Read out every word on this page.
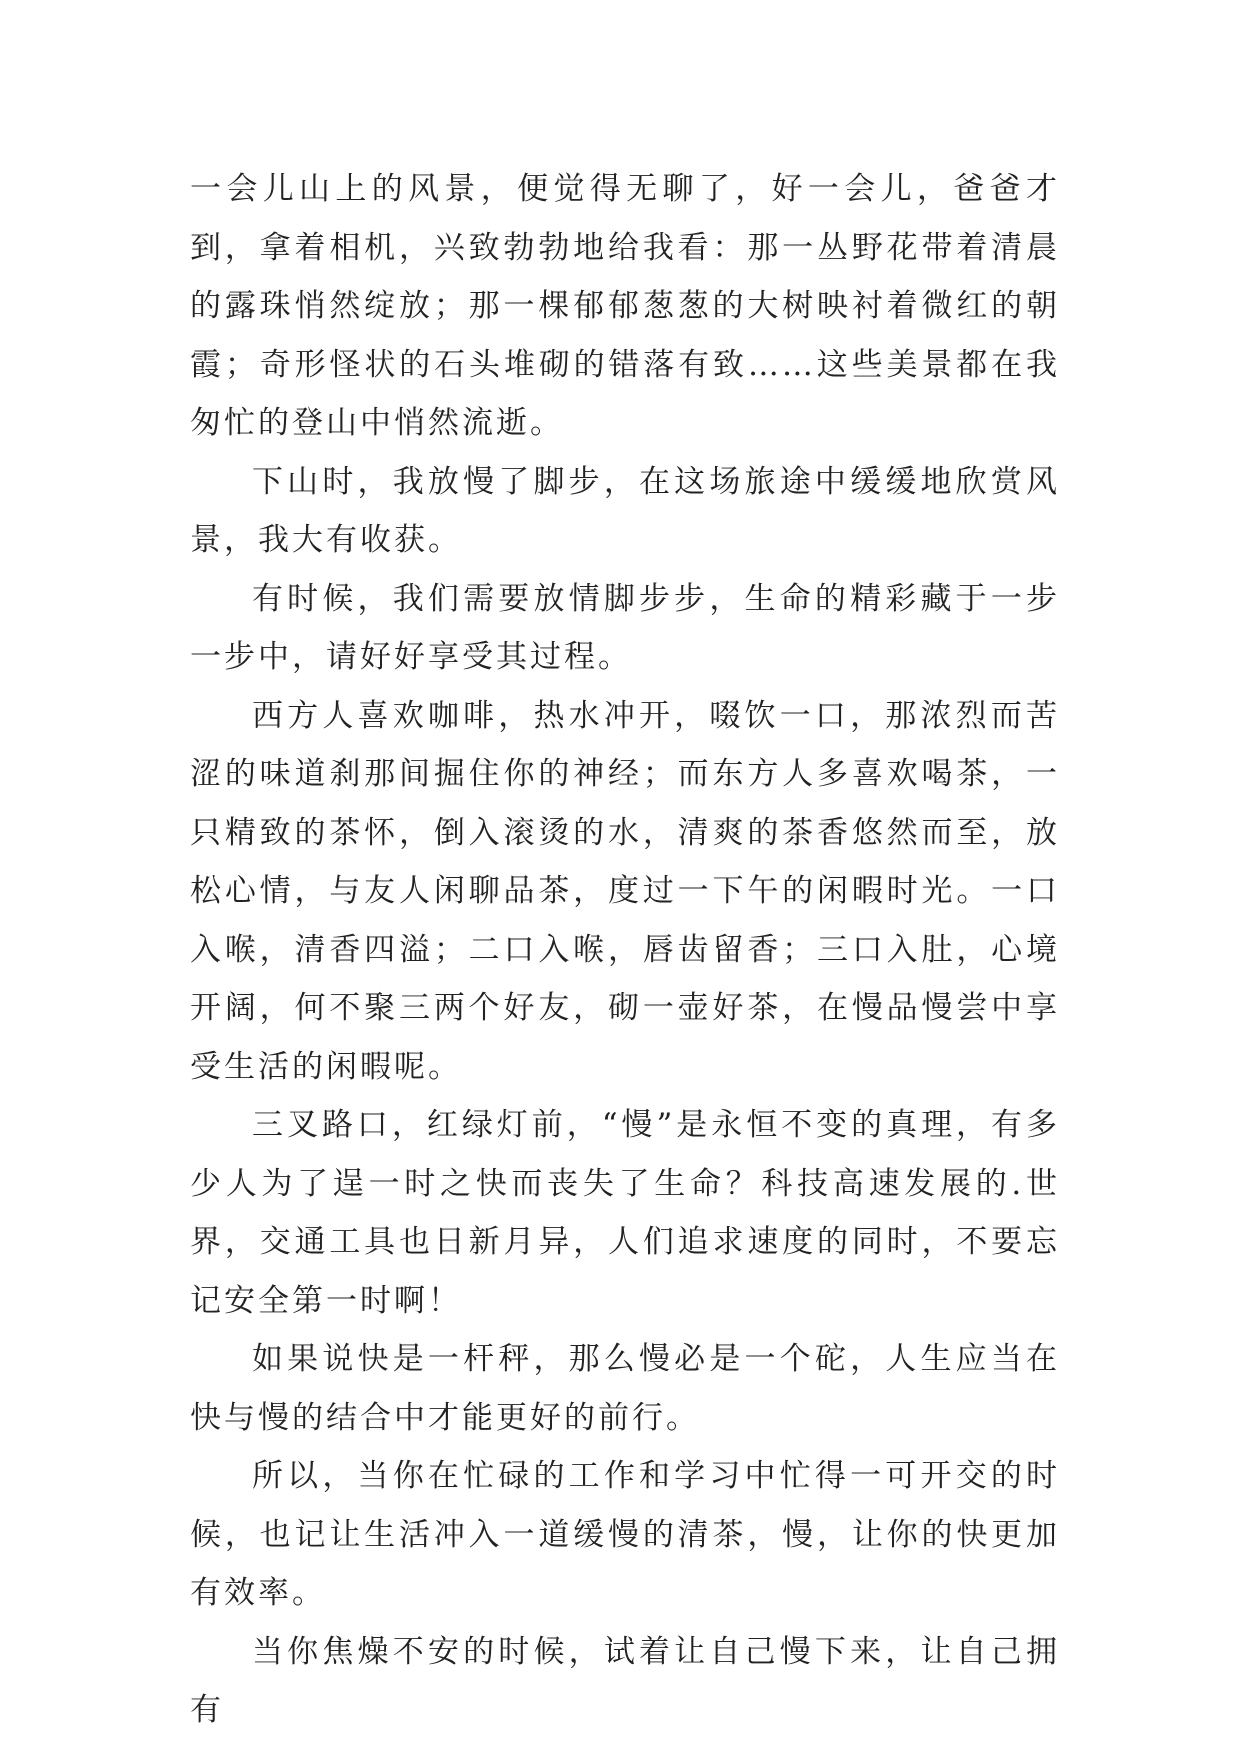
一会儿山上的风景，便觉得无聊了，好一会儿，爸爸才到，拿着相机，兴致勃勃地给我看：那一丛野花带着清晨的露珠悄然绽放；那一棵郁郁葱葱的大树映衬着微红的朝霞；奇形怪状的石头堆砌的错落有致……这些美景都在我匆忙的登山中悄然流逝。

下山时，我放慢了脚步，在这场旅途中缓缓地欣赏风景，我大有收获。

有时候，我们需要放情脚步步，生命的精彩藏于一步一步中，请好好享受其过程。

西方人喜欢咖啡，热水冲开，啜饮一口，那浓烈而苦涩的味道刹那间掘住你的神经；而东方人多喜欢喝茶，一只精致的茶怀，倒入滚烫的水，清爽的茶香悠然而至，放松心情，与友人闲聊品茶，度过一下午的闲暇时光。一口入喉，清香四溢；二口入喉，唇齿留香；三口入肚，心境开阔，何不聚三两个好友，砌一壶好茶，在慢品慢尝中享受生活的闲暇呢。

三叉路口，红绿灯前，“慢”是永恒不变的真理，有多少人为了逞一时之快而丧失了生命？科技高速发展的.世界，交通工具也日新月异，人们追求速度的同时，不要忘记安全第一时啊！

如果说快是一杆秤，那么慢必是一个砣，人生应当在快与慢的结合中才能更好的前行。

所以，当你在忙碌的工作和学习中忙得一可开交的时候，也记让生活冲入一道缓慢的清茶，慢，让你的快更加有效率。

当你焦燥不安的时候，试着让自己慢下来，让自己拥有
